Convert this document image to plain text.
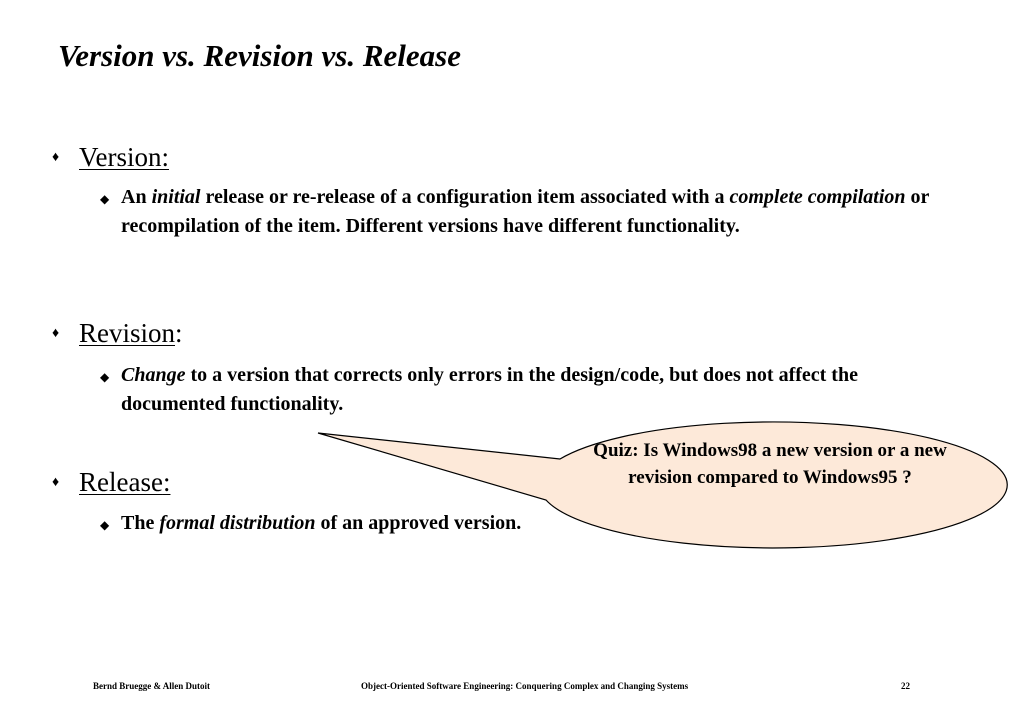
Version vs. Revision vs. Release
♦ Version:
◆ An initial release or re-release of a configuration item associated with a complete compilation or recompilation of the item. Different versions have different functionality.
♦ Revision:
◆ Change to a version that corrects only errors in the design/code, but does not affect the documented functionality.
♦ Release:
◆ The formal distribution of an approved version.
Quiz: Is Windows98 a new version or a new revision compared to Windows95 ?
Bernd Bruegge & Allen Dutoit	Object-Oriented Software Engineering: Conquering Complex and Changing Systems	22
